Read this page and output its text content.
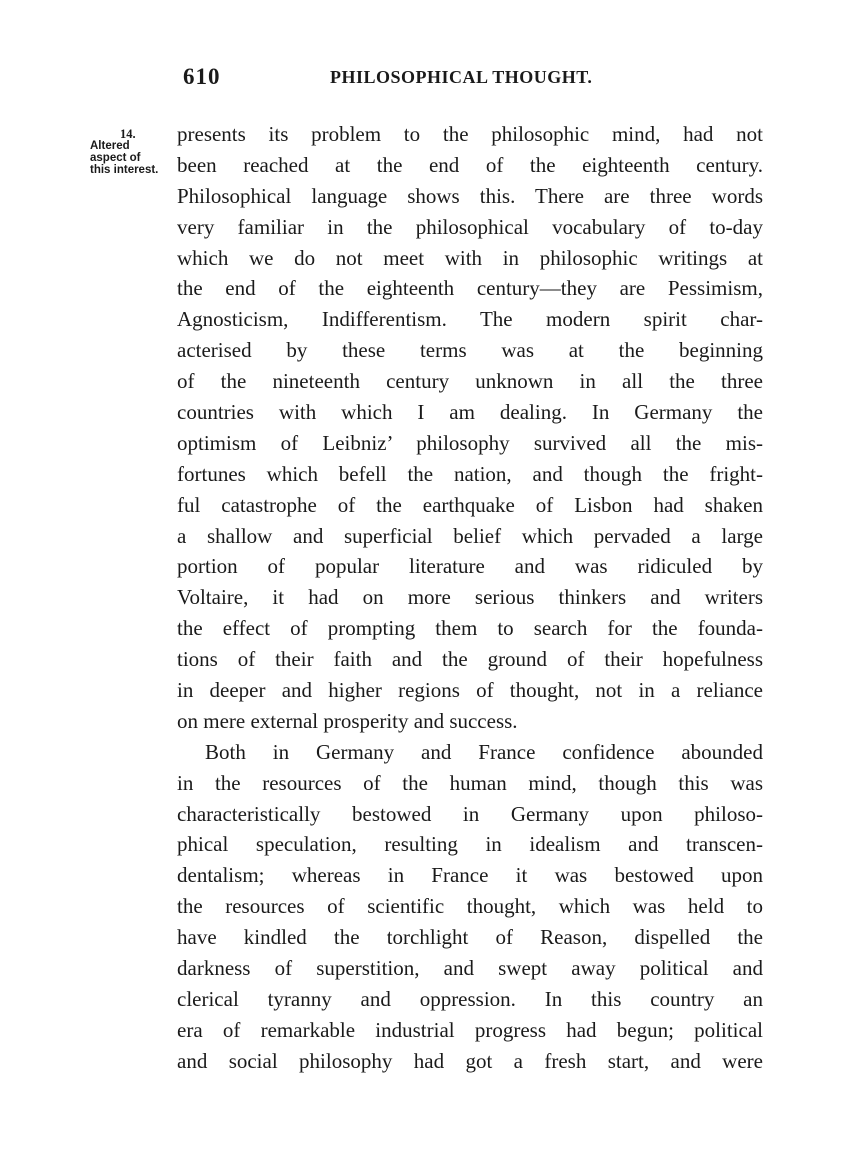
610	PHILOSOPHICAL THOUGHT.
14.
Altered
aspect of
this interest.
presents its problem to the philosophic mind, had not
been reached at the end of the eighteenth century.
Philosophical language shows this. There are three words
very familiar in the philosophical vocabulary of to-day
which we do not meet with in philosophic writings at
the end of the eighteenth century—they are Pessimism,
Agnosticism, Indifferentism. The modern spirit char-
acterised by these terms was at the beginning
of the nineteenth century unknown in all the three
countries with which I am dealing. In Germany the
optimism of Leibniz’ philosophy survived all the mis-
fortunes which befell the nation, and though the fright-
ful catastrophe of the earthquake of Lisbon had shaken
a shallow and superficial belief which pervaded a large
portion of popular literature and was ridiculed by
Voltaire, it had on more serious thinkers and writers
the effect of prompting them to search for the founda-
tions of their faith and the ground of their hopefulness
in deeper and higher regions of thought, not in a reliance
on mere external prosperity and success.
Both in Germany and France confidence abounded
in the resources of the human mind, though this was
characteristically bestowed in Germany upon philoso-
phical speculation, resulting in idealism and transcen-
dentalism; whereas in France it was bestowed upon
the resources of scientific thought, which was held to
have kindled the torchlight of Reason, dispelled the
darkness of superstition, and swept away political and
clerical tyranny and oppression. In this country an
era of remarkable industrial progress had begun; political
and social philosophy had got a fresh start, and were
